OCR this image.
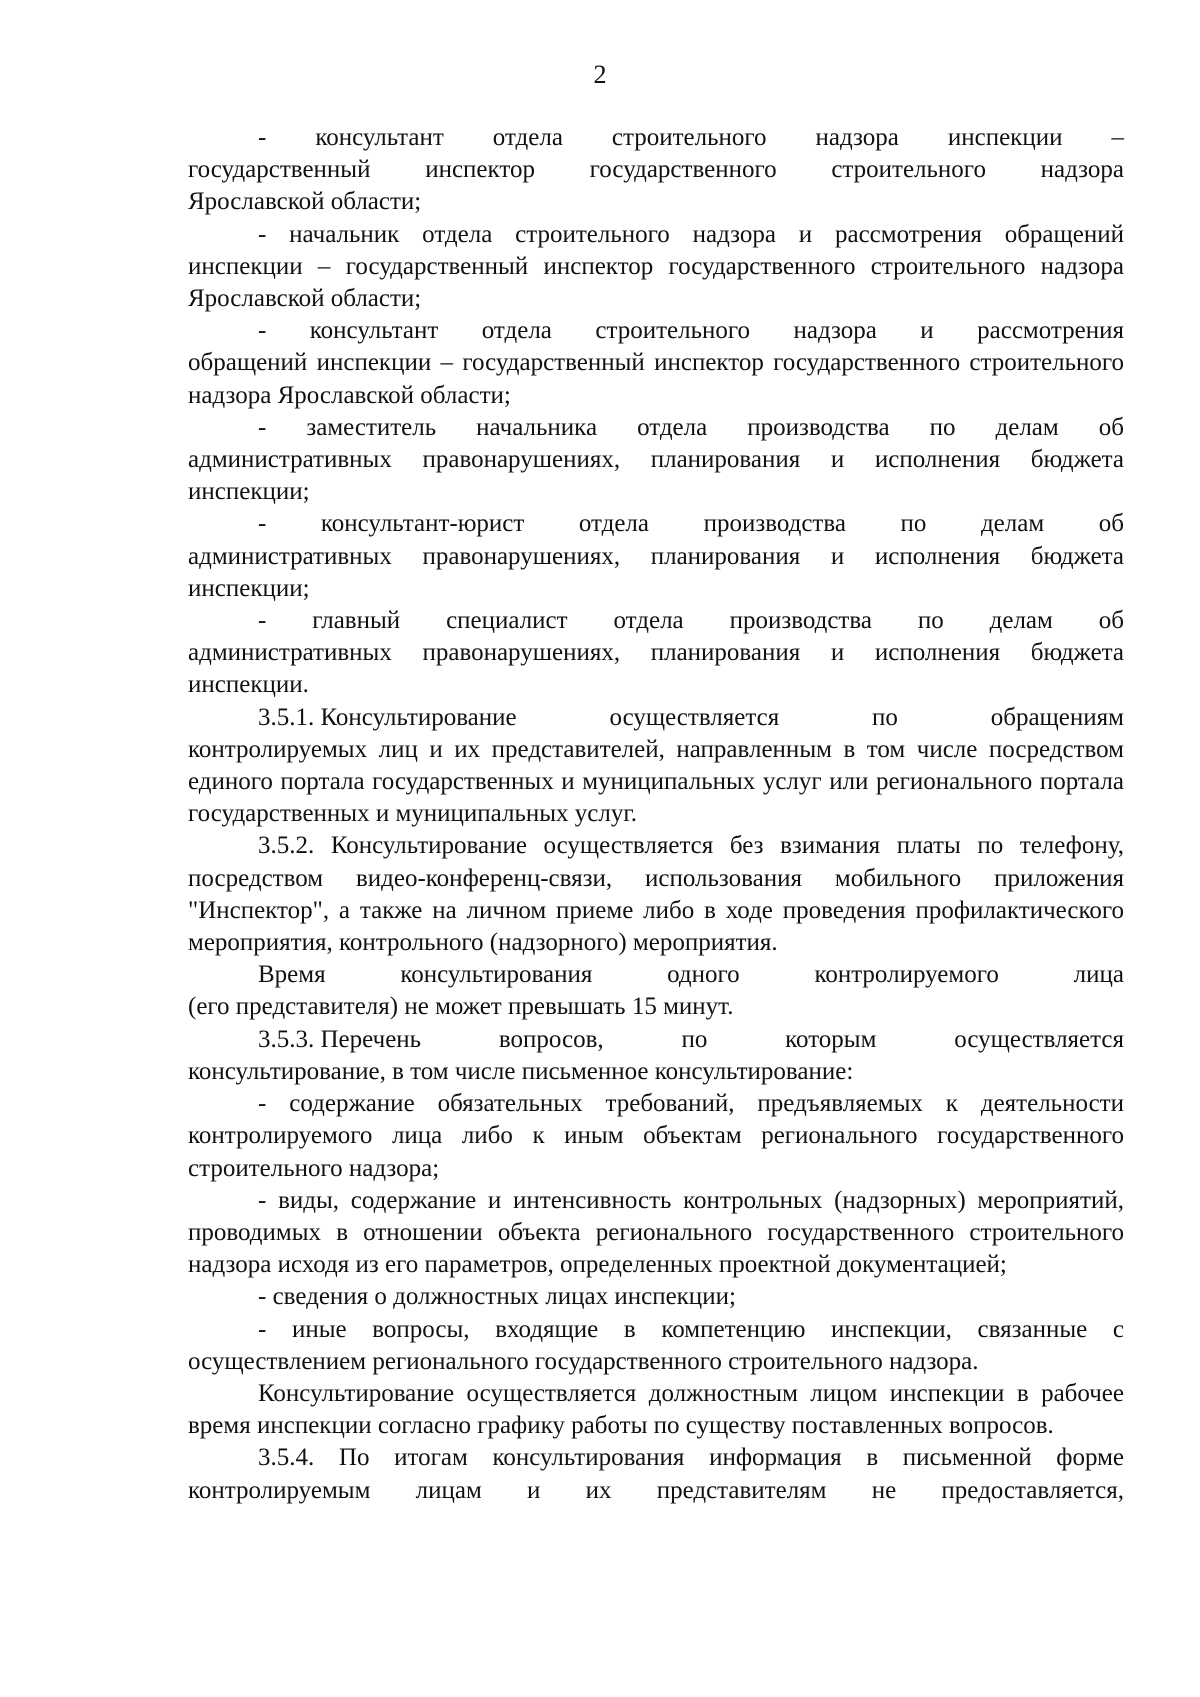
2

- консультант отдела строительного надзора инспекции –
государственный инспектор государственного строительного надзора
Ярославской области;

- начальник отдела строительного надзора и рассмотрения обращений инспекции – государственный инспектор государственного строительного надзора Ярославской области;

- консультант отдела строительного надзора и рассмотрения
обращений инспекции – государственный инспектор государственного строительного надзора Ярославской области;

- заместитель начальника отдела производства по делам об
административных правонарушениях, планирования и исполнения бюджета инспекции;

- консультант-юрист отдела производства по делам об
административных правонарушениях, планирования и исполнения бюджета инспекции;

- главный специалист отдела производства по делам об
административных правонарушениях, планирования и исполнения бюджета инспекции.

3.5.1. Консультирование	осуществляется	по	обращениям
контролируемых лиц и их представителей, направленным в том числе посредством единого портала государственных и муниципальных услуг или регионального портала государственных и муниципальных услуг.

3.5.2. Консультирование осуществляется без взимания платы по телефону, посредством видео-конференц-связи, использования мобильного приложения "Инспектор", а также на личном приеме либо в ходе проведения профилактического мероприятия, контрольного (надзорного) мероприятия.

Время	консультирования	одного	контролируемого	лица
(его представителя) не может превышать 15 минут.

3.5.3. Перечень	вопросов,	по	которым	осуществляется
консультирование, в том числе письменное консультирование:

- содержание обязательных требований, предъявляемых к деятельности контролируемого лица либо к иным объектам регионального государственного строительного надзора;

- виды, содержание и интенсивность контрольных (надзорных) мероприятий, проводимых в отношении объекта регионального государственного строительного надзора исходя из его параметров, определенных проектной документацией;

- сведения о должностных лицах инспекции;

- иные вопросы, входящие в компетенцию инспекции, связанные с осуществлением регионального государственного строительного надзора.

Консультирование осуществляется должностным лицом инспекции в рабочее время инспекции согласно графику работы по существу поставленных вопросов.

3.5.4. По итогам консультирования информация в письменной форме
контролируемым лицам и их представителям не предоставляется,
